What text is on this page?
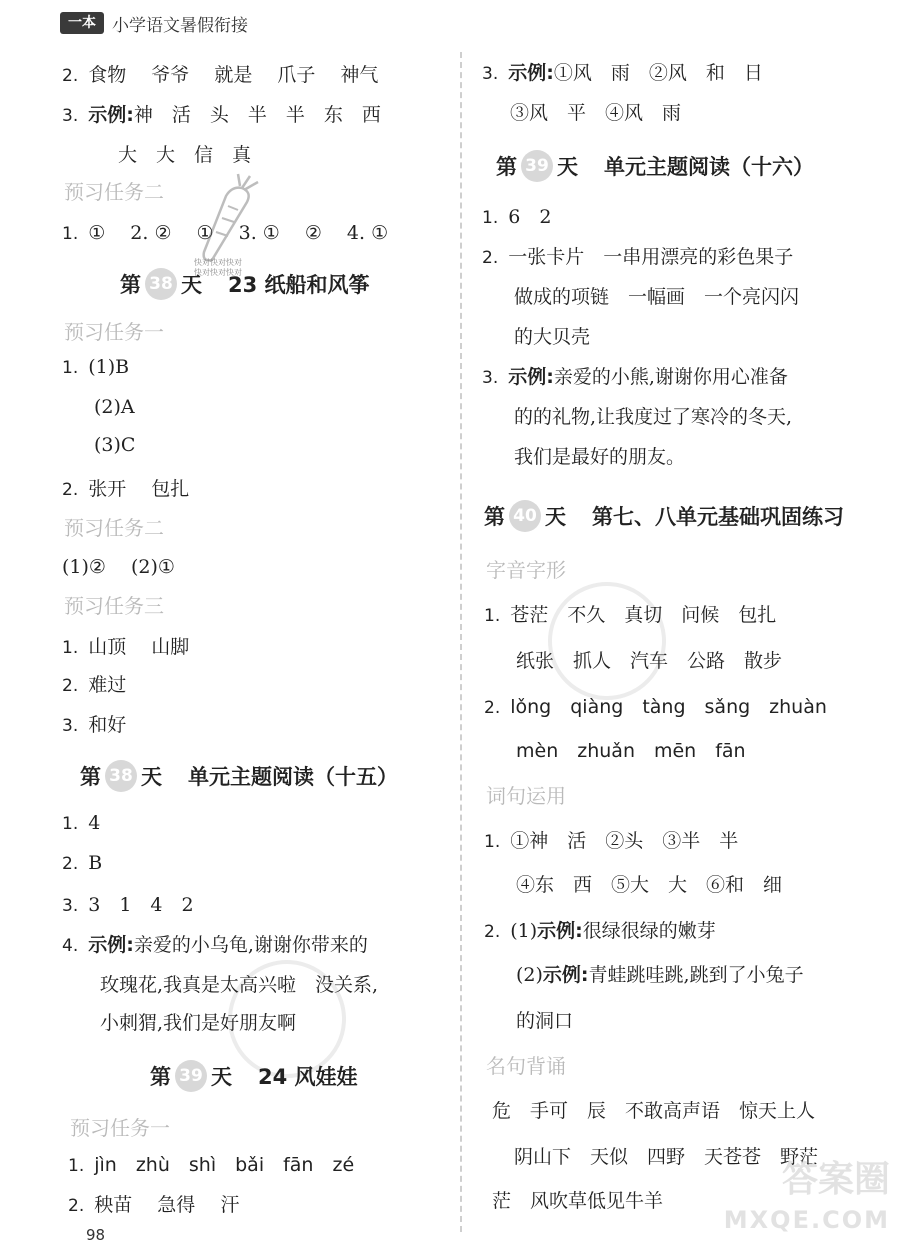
一本 小学语文暑假衔接
快对快对快对
快对快对快对
2. 食物　 爷爷　 就是　 爪子　 神气
3. 示例:神　活　头　半　半　东　西
大　大　信　真
预习任务二
1. ①　 2. ②　 ①　 3. ①　 ②　 4. ①
第 38 天 23 纸船和风筝
预习任务一
1. (1)B
(2)A
(3)C
2. 张开　 包扎
预习任务二
(1)②　 (2)①
预习任务三
1. 山顶　 山脚
2. 难过
3. 和好
第 38 天 单元主题阅读（十五）
1. 4
2. B
3. 3　1　4　2
4. 示例:亲爱的小乌龟,谢谢你带来的
玫瑰花,我真是太高兴啦　没关系,
小刺猬,我们是好朋友啊
第 39 天 24 风娃娃
预习任务一
1. jìn　zhù　shì　bǎi　fān　zé
2. 秧苗　 急得　 汗
98
3. 示例:①风　雨　②风　和　日
③风　平　④风　雨
第 39 天 单元主题阅读（十六）
1. 6　2
2. 一张卡片　一串用漂亮的彩色果子
做成的项链　一幅画　一个亮闪闪
的大贝壳
3. 示例:亲爱的小熊,谢谢你用心准备
的的礼物,让我度过了寒冷的冬天,
我们是最好的朋友。
第 40 天 第七、八单元基础巩固练习
字音字形
1. 苍茫　不久　真切　问候　包扎
纸张　抓人　汽车　公路　散步
2. lǒng　qiàng　tàng　sǎng　zhuàn
mèn　zhuǎn　mēn　fān
词句运用
1. ①神　活　②头　③半　半
④东　西　⑤大　大　⑥和　细
2. (1)示例:很绿很绿的嫩芽
(2)示例:青蛙跳哇跳,跳到了小兔子
的洞口
名句背诵
危　手可　辰　不敢高声语　惊天上人
阴山下　天似　四野　天苍苍　野茫
茫　风吹草低见牛羊
答案圈
MXQE.COM
